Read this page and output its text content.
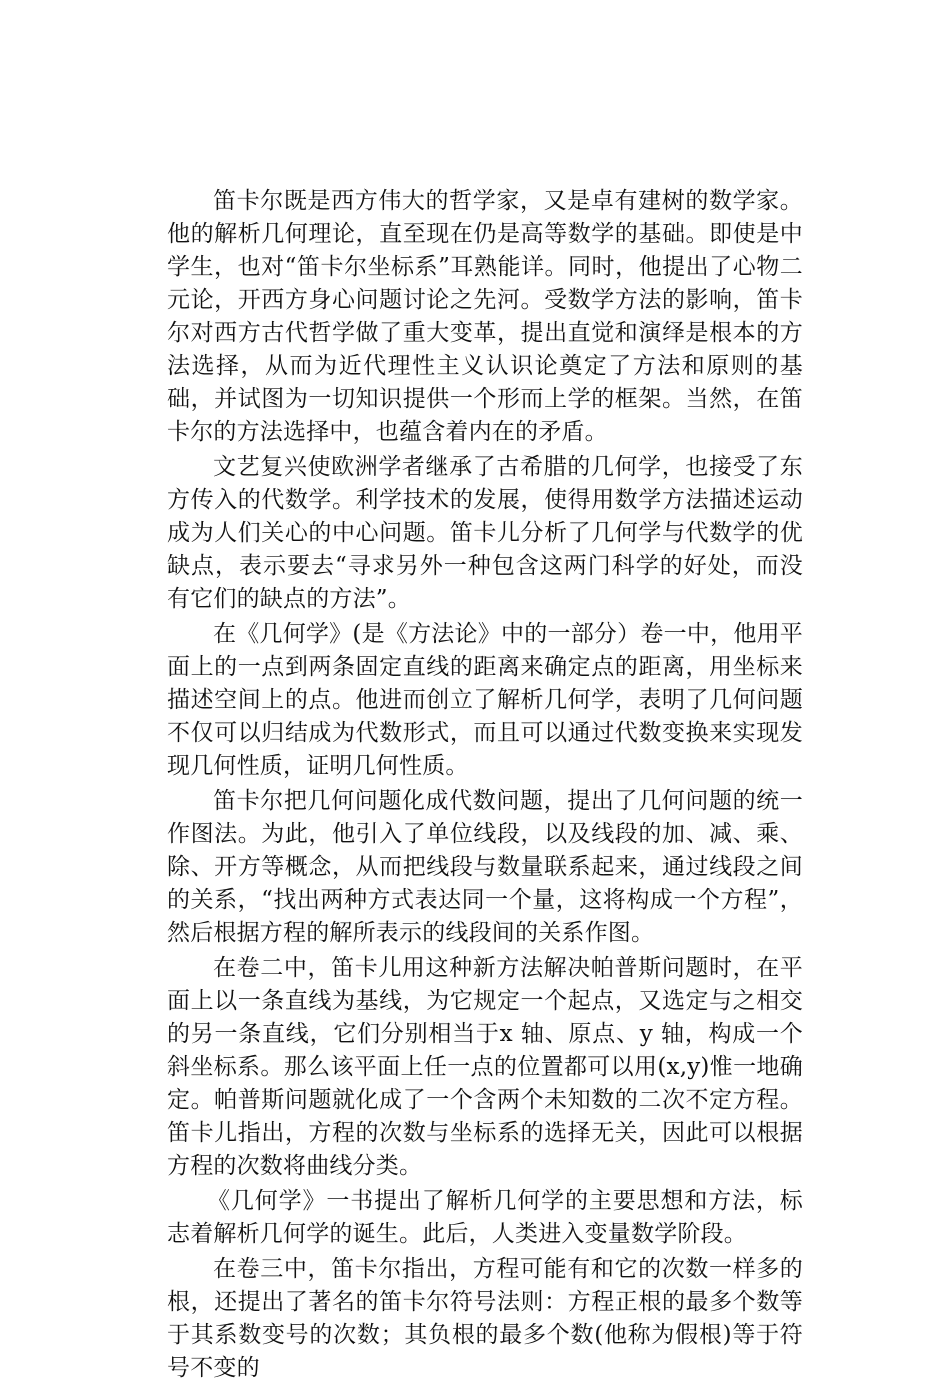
笛卡尔既是西方伟大的哲学家，又是卓有建树的数学家。他的解析几何理论，直至现在仍是高等数学的基础。即使是中学生，也对“笛卡尔坐标系”耳熟能详。同时，他提出了心物二元论，开西方身心问题讨论之先河。受数学方法的影响，笛卡尔对西方古代哲学做了重大变革，提出直觉和演绎是根本的方法选择，从而为近代理性主义认识论奠定了方法和原则的基础，并试图为一切知识提供一个形而上学的框架。当然，在笛卡尔的方法选择中，也蕴含着内在的矛盾。

文艺复兴使欧洲学者继承了古希腊的几何学，也接受了东方传入的代数学。利学技术的发展，使得用数学方法描述运动成为人们关心的中心问题。笛卡儿分析了几何学与代数学的优缺点，表示要去“寻求另外一种包含这两门科学的好处，而没有它们的缺点的方法”。

在《几何学》(是《方法论》中的一部分）卷一中，他用平面上的一点到两条固定直线的距离来确定点的距离，用坐标来描述空间上的点。他进而创立了解析几何学，表明了几何问题不仅可以归结成为代数形式，而且可以通过代数变换来实现发现几何性质，证明几何性质。

笛卡尔把几何问题化成代数问题，提出了几何问题的统一作图法。为此，他引入了单位线段，以及线段的加、减、乘、除、开方等概念，从而把线段与数量联系起来，通过线段之间的关系，“找出两种方式表达同一个量，这将构成一个方程”，然后根据方程的解所表示的线段间的关系作图。

在卷二中，笛卡儿用这种新方法解决帕普斯问题时，在平面上以一条直线为基线，为它规定一个起点，又选定与之相交的另一条直线，它们分别相当于x 轴、原点、y 轴，构成一个斜坐标系。那么该平面上任一点的位置都可以用(x,y)惟一地确定。帕普斯问题就化成了一个含两个未知数的二次不定方程。笛卡儿指出，方程的次数与坐标系的选择无关，因此可以根据方程的次数将曲线分类。

《几何学》一书提出了解析几何学的主要思想和方法，标志着解析几何学的诞生。此后，人类进入变量数学阶段。

在卷三中，笛卡尔指出，方程可能有和它的次数一样多的根，还提出了著名的笛卡尔符号法则：方程正根的最多个数等于其系数变号的次数；其负根的最多个数(他称为假根)等于符号不变的
